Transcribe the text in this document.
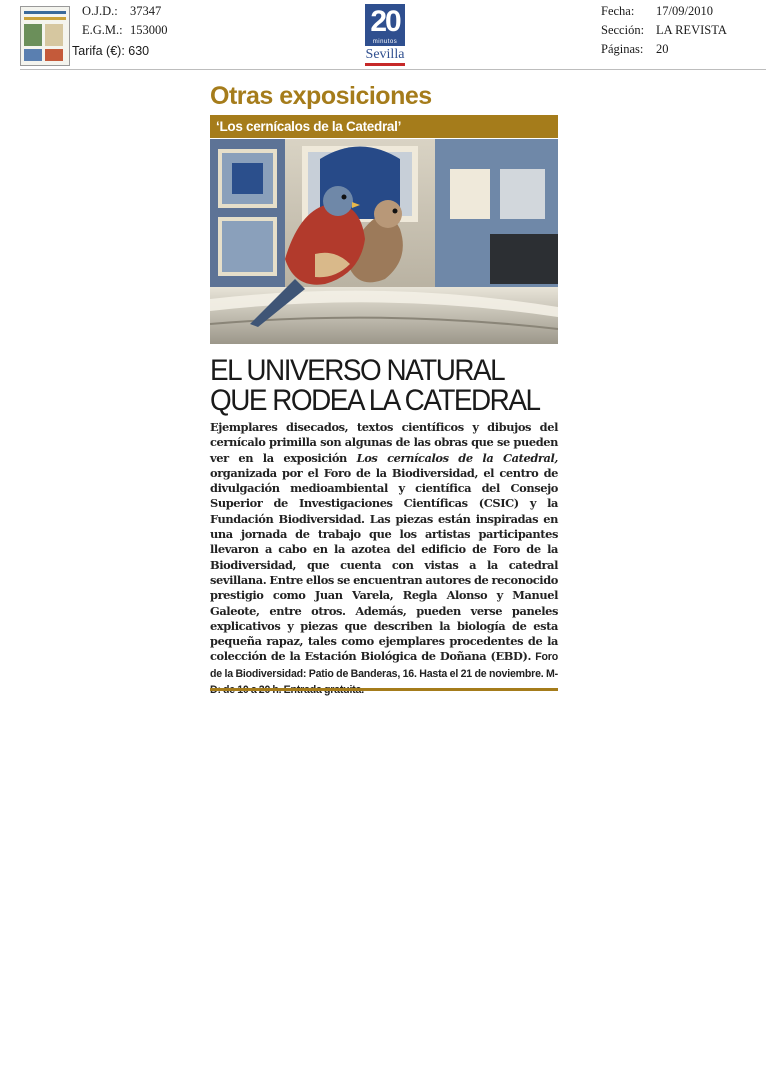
O.J.D.: 37347
E.G.M.: 153000
Tarifa (€): 630
20
minutos
Sevilla
Fecha: 17/09/2010
Sección: LA REVISTA
Páginas: 20
Otras exposiciones
‘Los cernícalos de la Catedral’
EL UNIVERSO NATURAL
QUE RODEA LA CATEDRAL
Ejemplares disecados, textos científicos y dibujos del cernícalo primilla son algunas de las obras que se pueden ver en la exposición Los cernícalos de la Catedral, organizada por el Foro de la Biodiversidad, el centro de divulgación medioambiental y científica del Consejo Superior de Investigaciones Científicas (CSIC) y la Fundación Biodiversidad. Las piezas están inspiradas en una jornada de trabajo que los artistas participantes llevaron a cabo en la azotea del edificio de Foro de la Biodiversidad, que cuenta con vistas a la catedral sevillana. Entre ellos se encuentran autores de reconocido prestigio como Juan Varela, Regla Alonso y Manuel Galeote, entre otros. Además, pueden verse paneles explicativos y piezas que describen la biología de esta pequeña rapaz, tales como ejemplares procedentes de la colección de la Estación Biológica de Doñana (EBD). Foro de la Biodiversidad: Patio de Banderas, 16. Hasta el 21 de noviembre. M-
